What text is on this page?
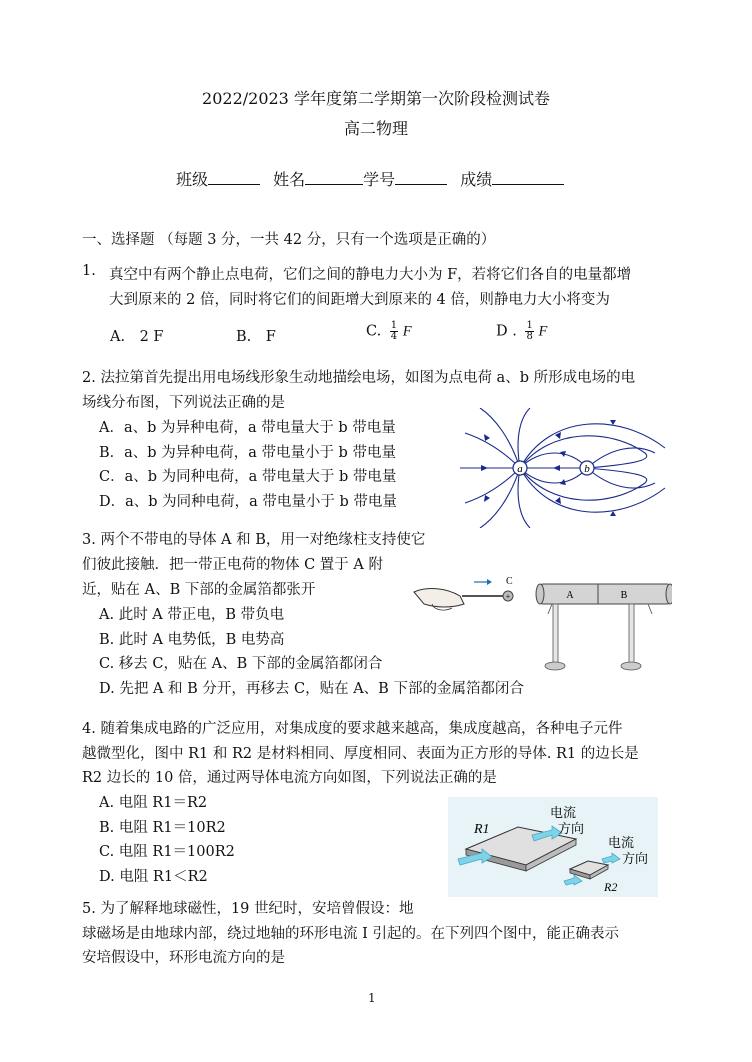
2022/2023 学年度第二学期第一次阶段检测试卷
高二物理
班级	姓名	学号	成绩
一、选择题 （每题 3 分，一共 42 分，只有一个选项是正确的）
1. 真空中有两个静止点电荷，它们之间的静电力大小为 F，若将它们各自的电量都增
大到原来的 2 倍，同时将它们的间距增大到原来的 4 倍，则静电力大小将变为
A.　2 F	B.　F	C. $\frac{1}{4}$ F	D . $\frac{1}{8}$ F
2. 法拉第首先提出用电场线形象生动地描绘电场，如图为点电荷 a、b 所形成电场的电
场线分布图，下列说法正确的是
A．a、b 为异种电荷，a 带电量大于 b 带电量
B．a、b 为异种电荷，a 带电量小于 b 带电量
C．a、b 为同种电荷，a 带电量大于 b 带电量
D．a、b 为同种电荷，a 带电量小于 b 带电量
a	b
3. 两个不带电的导体 A 和 B，用一对绝缘柱支持使它
们彼此接触．把一带正电荷的物体 C 置于 A 附
近，贴在 A、B 下部的金属箔都张开
A. 此时 A 带正电，B 带负电
B. 此时 A 电势低，B 电势高
C. 移去 C，贴在 A、B 下部的金属箔都闭合
D. 先把 A 和 B 分开，再移去 C，贴在 A、B 下部的金属箔都闭合
+
C
A	B
4. 随着集成电路的广泛应用，对集成度的要求越来越高，集成度越高，各种电子元件
越微型化，图中 R1 和 R2 是材料相同、厚度相同、表面为正方形的导体. R1 的边长是
R2 边长的 10 倍，通过两导体电流方向如图，下列说法正确的是
A. 电阻 R1＝R2
B. 电阻 R1＝10R2
C. 电阻 R1＝100R2
D. 电阻 R1＜R2
R1
R2
电流
方向
电流
方向
5. 为了解释地球磁性，19 世纪时，安培曾假设：地
球磁场是由地球内部，绕过地轴的环形电流 I 引起的。在下列四个图中，能正确表示
安培假设中，环形电流方向的是
1
